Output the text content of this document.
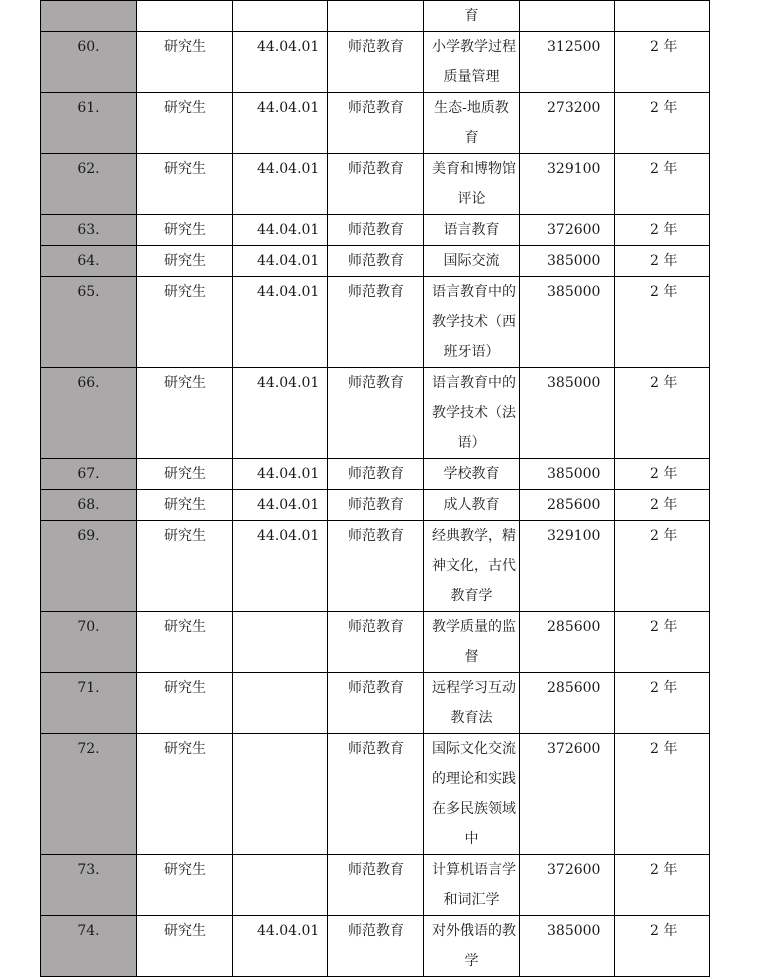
				育		

60.	研究生	44.04.01	师范教育	小学教学过程
质量管理	312500	2 年
61.	研究生	44.04.01	师范教育	生态-地质教
育	273200	2 年
62.	研究生	44.04.01	师范教育	美育和博物馆
评论	329100	2 年
63.	研究生	44.04.01	师范教育	语言教育	372600	2 年
64.	研究生	44.04.01	师范教育	国际交流	385000	2 年
65.	研究生	44.04.01	师范教育	语言教育中的
教学技术（西
班牙语）	385000	2 年
66.	研究生	44.04.01	师范教育	语言教育中的
教学技术（法
语）	385000	2 年
67.	研究生	44.04.01	师范教育	学校教育	385000	2 年
68.	研究生	44.04.01	师范教育	成人教育	285600	2 年
69.	研究生	44.04.01	师范教育	经典教学，精
神文化，古代
教育学	329100	2 年
70.	研究生		师范教育	教学质量的监
督	285600	2 年
71.	研究生		师范教育	远程学习互动
教育法	285600	2 年
72.	研究生		师范教育	国际文化交流
的理论和实践
在多民族领域
中	372600	2 年
73.	研究生		师范教育	计算机语言学
和词汇学	372600	2 年
74.	研究生	44.04.01	师范教育	对外俄语的教
学	385000	2 年
